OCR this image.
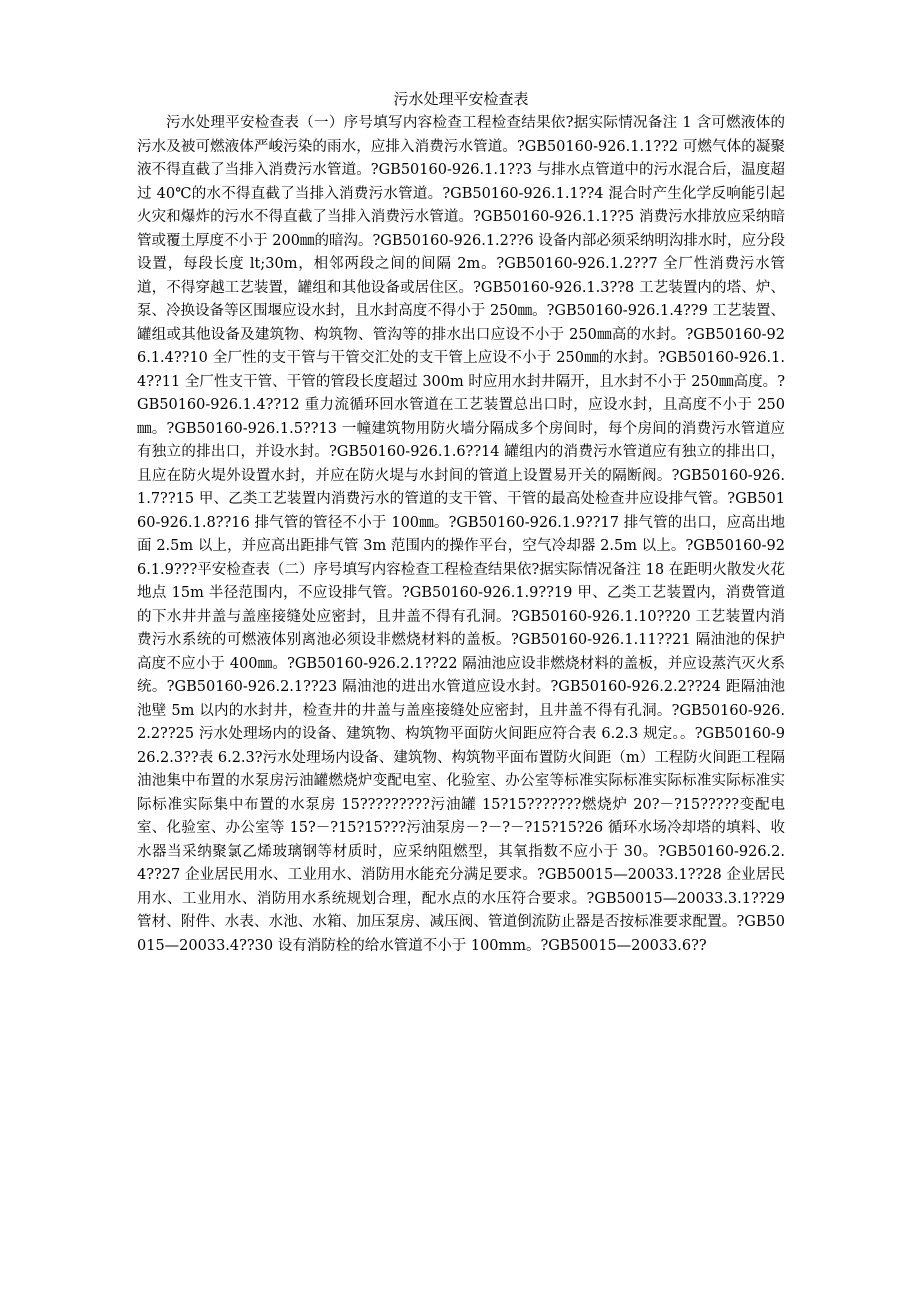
污水处理平安检查表

污水处理平安检查表（一）序号填写内容检查工程检查结果依?据实际情况备注 1 含可燃液体的污水及被可燃液体严峻污染的雨水，应排入消费污水管道。?GB50160-926.1.1??2 可燃气体的凝聚液不得直截了当排入消费污水管道。?GB50160-926.1.1??3 与排水点管道中的污水混合后，温度超过 40℃的水不得直截了当排入消费污水管道。?GB50160-926.1.1??4 混合时产生化学反响能引起火灾和爆炸的污水不得直截了当排入消费污水管道。?GB50160-926.1.1??5 消费污水排放应采纳暗管或覆土厚度不小于 200㎜的暗沟。?GB50160-926.1.2??6 设备内部必须采纳明沟排水时，应分段设置，每段长度 lt;30m，相邻两段之间的间隔 2m。?GB50160-926.1.2??7 全厂性消费污水管道，不得穿越工艺装置，罐组和其他设备或居住区。?GB50160-926.1.3??8 工艺装置内的塔、炉、泵、冷换设备等区围堰应设水封，且水封高度不得小于 250㎜。?GB50160-926.1.4??9 工艺装置、罐组或其他设备及建筑物、构筑物、管沟等的排水出口应设不小于 250㎜高的水封。?GB50160-926.1.4??10 全厂性的支干管与干管交汇处的支干管上应设不小于 250㎜的水封。?GB50160-926.1.4??11 全厂性支干管、干管的管段长度超过 300m 时应用水封井隔开，且水封不小于 250㎜高度。?GB50160-926.1.4??12 重力流循环回水管道在工艺装置总出口时，应设水封，且高度不小于 250㎜。?GB50160-926.1.5??13 一幢建筑物用防火墙分隔成多个房间时，每个房间的消费污水管道应有独立的排出口，并设水封。?GB50160-926.1.6??14 罐组内的消费污水管道应有独立的排出口，且应在防火堤外设置水封，并应在防火堤与水封间的管道上设置易开关的隔断阀。?GB50160-926.1.7??15 甲、乙类工艺装置内消费污水的管道的支干管、干管的最高处检查井应设排气管。?GB50160-926.1.8??16 排气管的管径不小于 100㎜。?GB50160-926.1.9??17 排气管的出口，应高出地面 2.5m 以上，并应高出距排气管 3m 范围内的操作平台，空气冷却器 2.5m 以上。?GB50160-926.1.9???平安检查表（二）序号填写内容检查工程检查结果依?据实际情况备注 18 在距明火散发火花地点 15m 半径范围内，不应设排气管。?GB50160-926.1.9??19 甲、乙类工艺装置内，消费管道的下水井井盖与盖座接缝处应密封，且井盖不得有孔洞。?GB50160-926.1.10??20 工艺装置内消费污水系统的可燃液体别离池必须设非燃烧材料的盖板。?GB50160-926.1.11??21 隔油池的保护高度不应小于 400㎜。?GB50160-926.2.1??22 隔油池应设非燃烧材料的盖板，并应设蒸汽灭火系统。?GB50160-926.2.1??23 隔油池的进出水管道应设水封。?GB50160-926.2.2??24 距隔油池池壁 5m 以内的水封井，检查井的井盖与盖座接缝处应密封，且井盖不得有孔洞。?GB50160-926.2.2??25 污水处理场内的设备、建筑物、构筑物平面防火间距应符合表 6.2.3 规定。。?GB50160-926.2.3??表 6.2.3?污水处理场内设备、建筑物、构筑物平面布置防火间距（m）工程防火间距工程隔油池集中布置的水泵房污油罐燃烧炉变配电室、化验室、办公室等标准实际标准实际标准实际标准实际标准实际集中布置的水泵房 15?????????污油罐 15?15???????燃烧炉 20?－?15?????变配电室、化验室、办公室等 15?－?15?15???污油泵房－?－?－?15?15?26 循环水场冷却塔的填料、收水器当采纳聚氯乙烯玻璃钢等材质时，应采纳阻燃型，其氧指数不应小于 30。?GB50160-926.2.4??27 企业居民用水、工业用水、消防用水能充分满足要求。?GB50015—20033.1??28 企业居民用水、工业用水、消防用水系统规划合理，配水点的水压符合要求。?GB50015—20033.3.1??29 管材、附件、水表、水池、水箱、加压泵房、减压阀、管道倒流防止器是否按标准要求配置。?GB50015—20033.4??30 设有消防栓的给水管道不小于 100mm。?GB50015—20033.6??
